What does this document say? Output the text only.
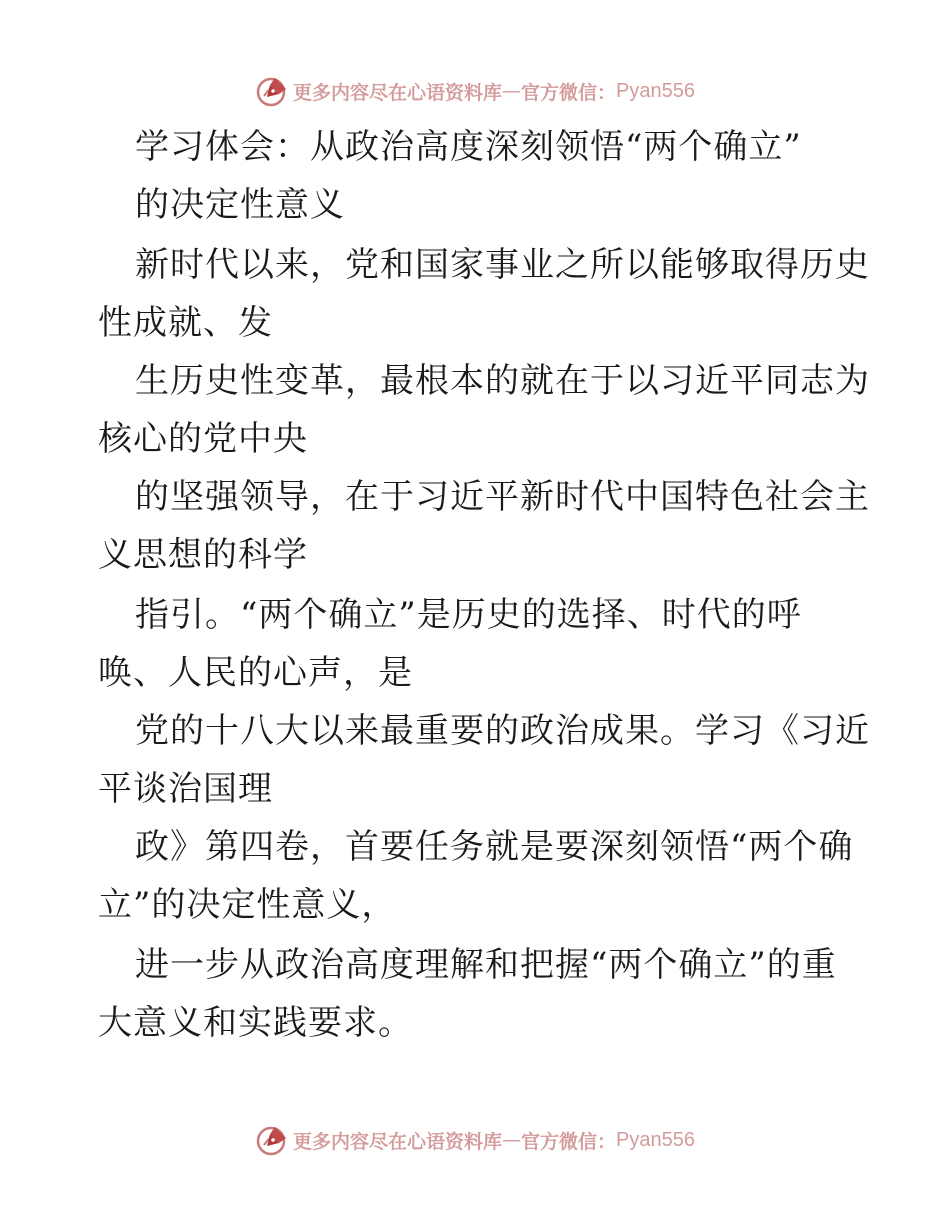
更多内容尽在心语资料库 — 官方微信： Pyan556
学习体会：从政治高度深刻领悟“两个确立”
的决定性意义
新时代以来，党和国家事业之所以能够取得历史
性成就、发
生历史性变革，最根本的就在于以习近平同志为
核心的党中央
的坚强领导，在于习近平新时代中国特色社会主
义思想的科学
指引。“两个确立”是历史的选择、时代的呼
唤、人民的心声，是
党的十八大以来最重要的政治成果。学习《习近
平谈治国理
政》第四卷，首要任务就是要深刻领悟“两个确
立”的决定性意义，
进一步从政治高度理解和把握“两个确立”的重
大意义和实践要求。
更多内容尽在心语资料库 — 官方微信： Pyan556
